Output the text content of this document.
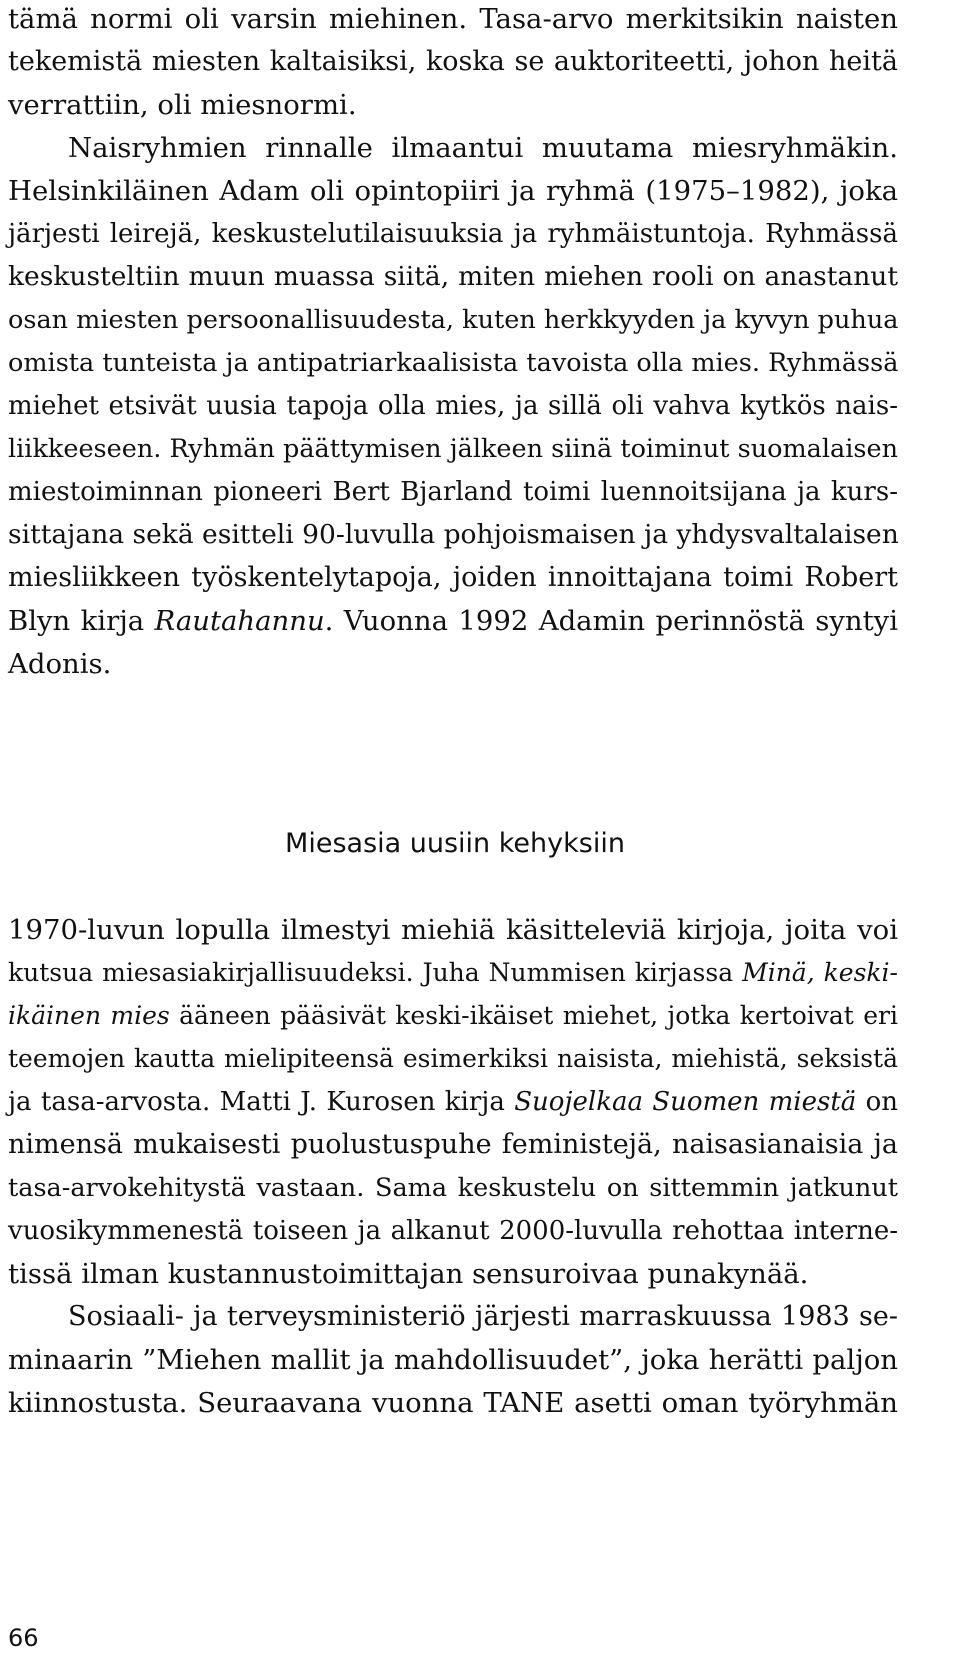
tämä normi oli varsin miehinen. Tasa-arvo merkitsikin naisten

tekemistä miesten kaltaisiksi, koska se auktoriteetti, johon heitä

verrattiin, oli miesnormi.

Naisryhmien rinnalle ilmaantui muutama miesryhmäkin.

Helsinkiläinen Adam oli opintopiiri ja ryhmä (1975–1982), joka

järjesti leirejä, keskustelutilaisuuksia ja ryhmäistuntoja. Ryhmässä

keskusteltiin muun muassa siitä, miten miehen rooli on anastanut

osan miesten persoonallisuudesta, kuten herkkyyden ja kyvyn puhua

omista tunteista ja antipatriarkaalisista tavoista olla mies. Ryhmässä

miehet etsivät uusia tapoja olla mies, ja sillä oli vahva kytkös nais-

liikkeeseen. Ryhmän päättymisen jälkeen siinä toiminut suomalaisen

miestoiminnan pioneeri Bert Bjarland toimi luennoitsijana ja kurs-

sittajana sekä esitteli 90-luvulla pohjoismaisen ja yhdysvaltalaisen

miesliikkeen työskentelytapoja, joiden innoittajana toimi Robert

Blyn kirja Rautahannu. Vuonna 1992 Adamin perinnöstä syntyi

Adonis.

Miesasia uusiin kehyksiin

1970-luvun lopulla ilmestyi miehiä käsitteleviä kirjoja, joita voi

kutsua miesasiakirjallisuudeksi. Juha Nummisen kirjassa Minä, keski-

ikäinen mies ääneen pääsivät keski-ikäiset miehet, jotka kertoivat eri

teemojen kautta mielipiteensä esimerkiksi naisista, miehistä, seksistä

ja tasa-arvosta. Matti J. Kurosen kirja Suojelkaa Suomen miestä on

nimensä mukaisesti puolustuspuhe feministejä, naisasianaisia ja

tasa-arvokehitystä vastaan. Sama keskustelu on sittemmin jatkunut

vuosikymmenestä toiseen ja alkanut 2000-luvulla rehottaa interne-

tissä ilman kustannustoimittajan sensuroivaa punakynää.

Sosiaali- ja terveysministeriö järjesti marraskuussa 1983 se-

minaarin ”Miehen mallit ja mahdollisuudet”, joka herätti paljon

kiinnostusta. Seuraavana vuonna TANE asetti oman työryhmän

66
